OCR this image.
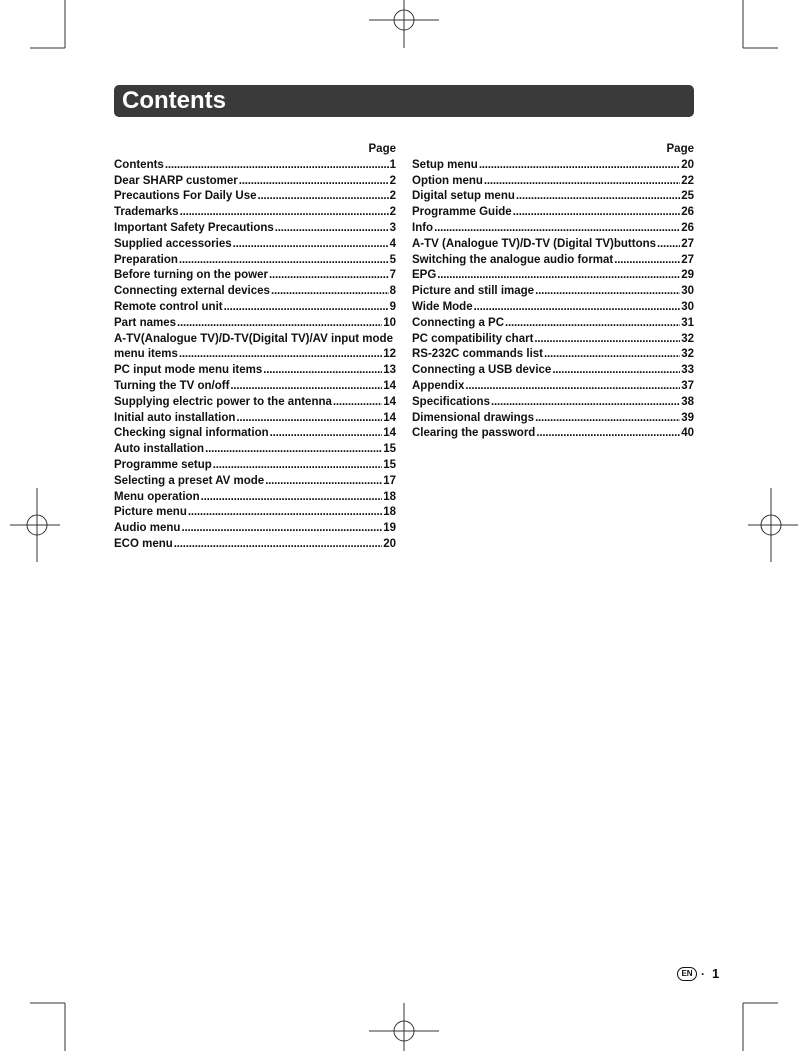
Contents
Page
Contents .....	1
Dear SHARP customer .....	2
Precautions For Daily Use .....	2
Trademarks .....	2
Important Safety Precautions .....	3
Supplied accessories .....	4
Preparation .....	5
Before turning on the power .....	7
Connecting external devices .....	8
Remote control unit .....	9
Part names .....	10
A-TV(Analogue TV)/D-TV(Digital TV)/AV input mode
menu items .....	12
PC input mode menu items .....	13
Turning the TV on/off .....	14
Supplying electric power to the antenna .....	14
Initial auto installation .....	14
Checking signal information .....	14
Auto installation .....	15
Programme setup .....	15
Selecting a preset AV mode .....	17
Menu operation .....	18
Picture menu .....	18
Audio menu .....	19
ECO menu .....	20
Page
Setup menu .....	20
Option menu .....	22
Digital setup menu .....	25
Programme Guide .....	26
Info .....	26
A-TV (Analogue TV)/D-TV (Digital TV)buttons ..... 27
Switching the analogue audio format .....	27
EPG .....	29
Picture and still image .....	30
Wide Mode .....	30
Connecting a PC .....	31
PC compatibility chart .....	32
RS-232C commands list .....	32
Connecting a USB device .....	33
Appendix .....	37
Specifications .....	38
Dimensional drawings .....	39
Clearing the password .....	40
EN · 1
